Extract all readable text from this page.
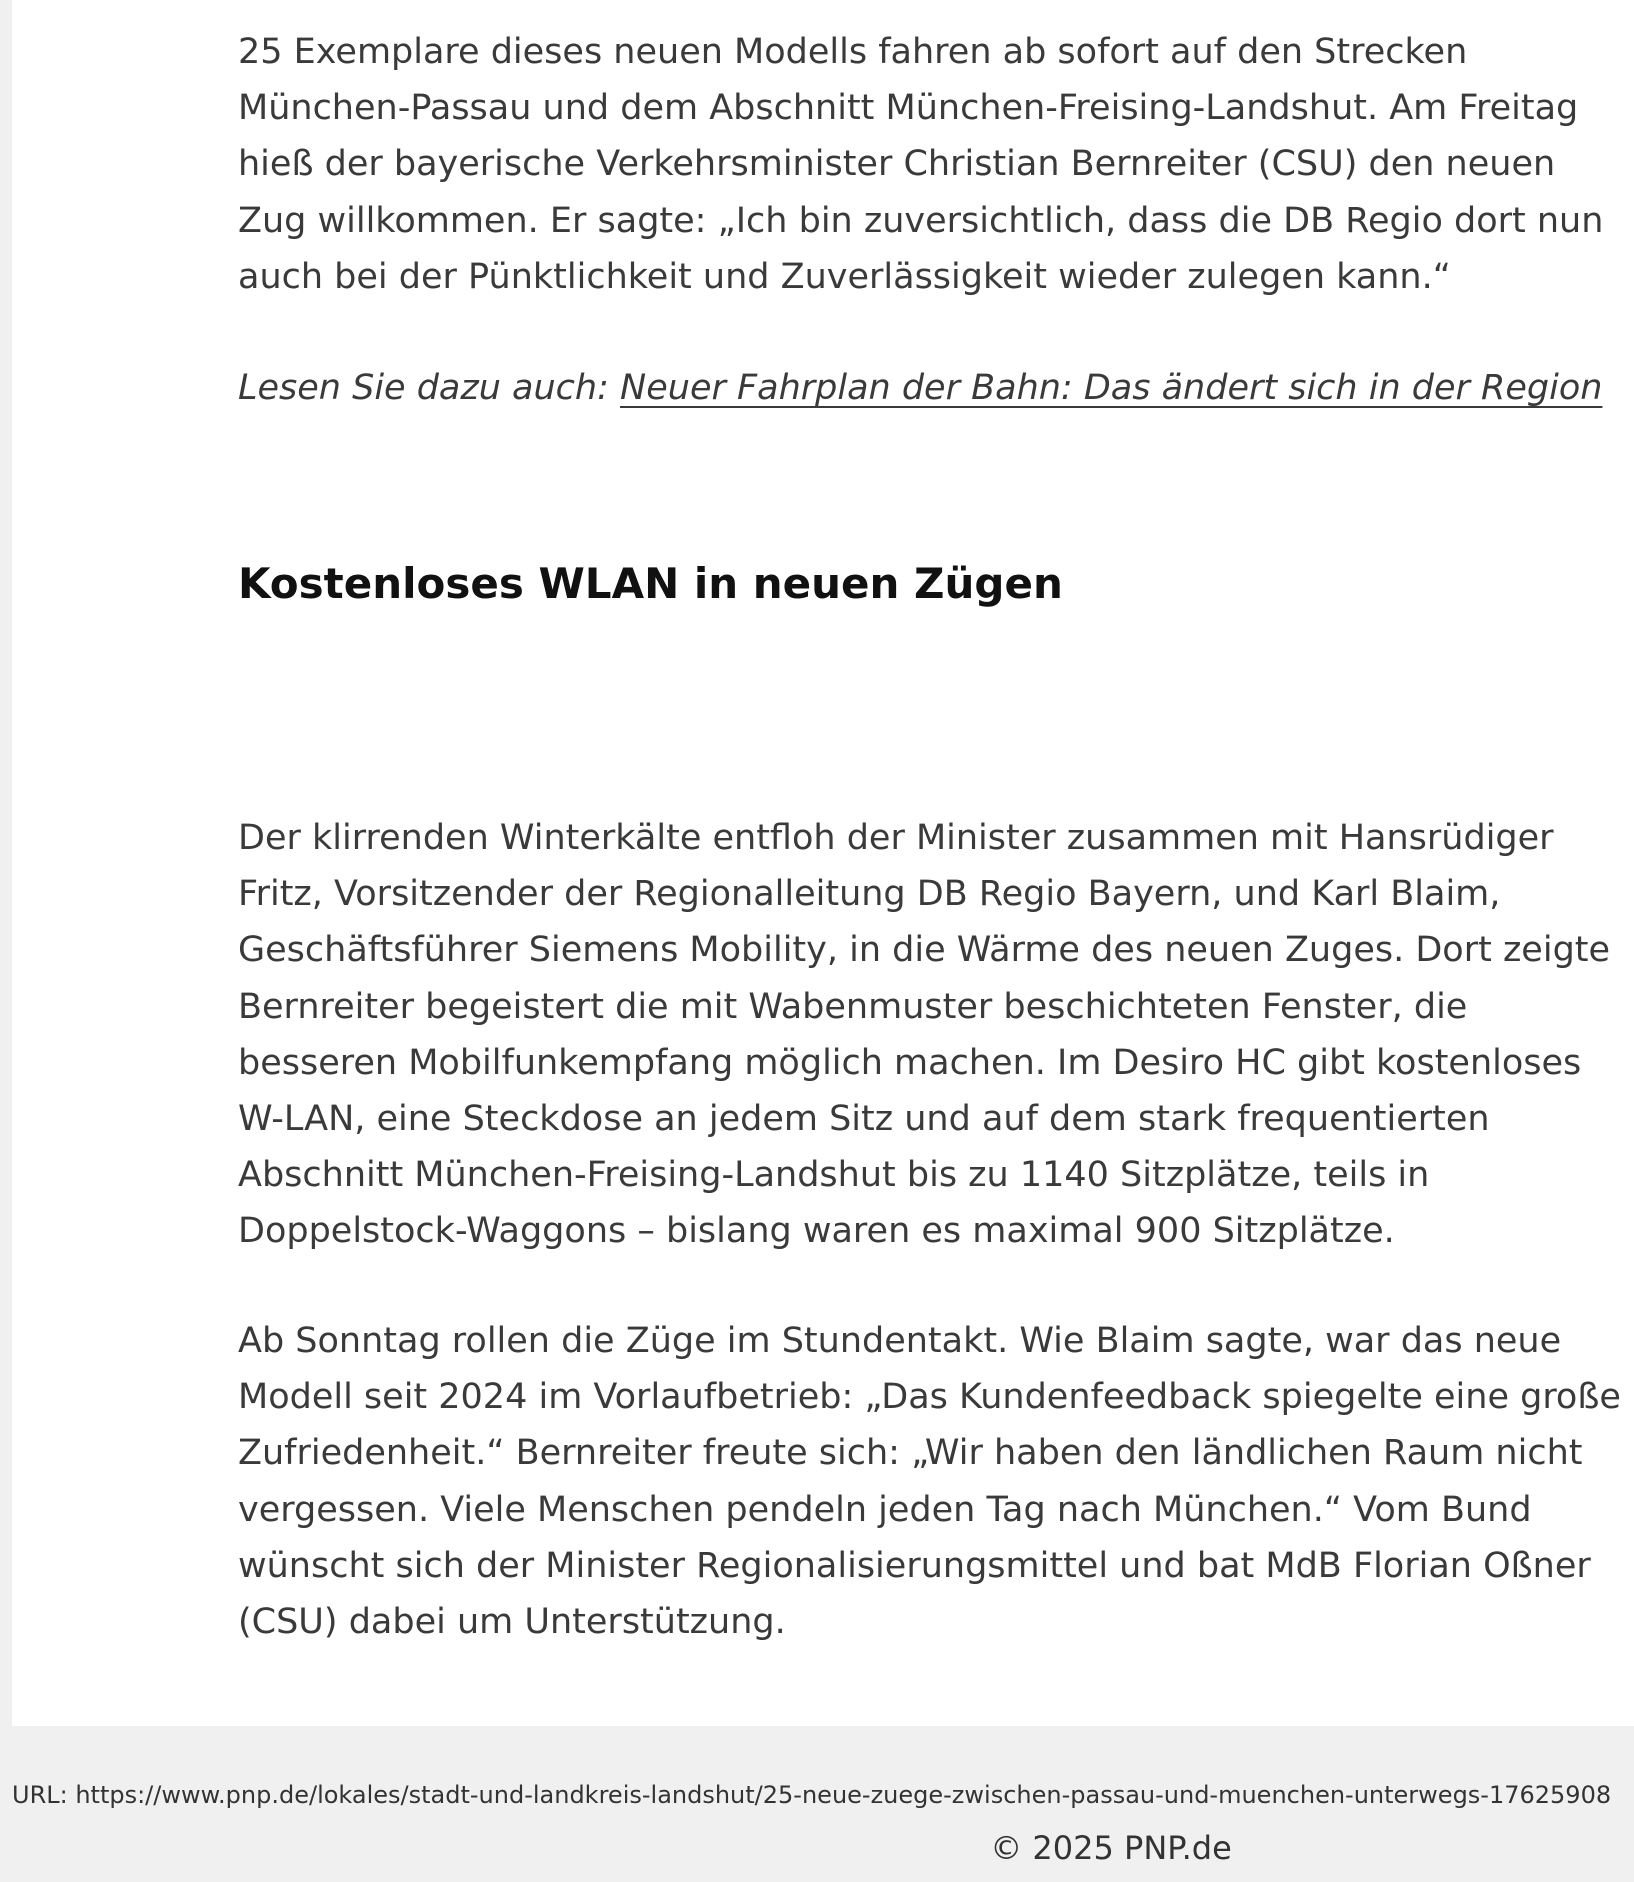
25 Exemplare dieses neuen Modells fahren ab sofort auf den Strecken München-Passau und dem Abschnitt München-Freising-Landshut. Am Freitag hieß der bayerische Verkehrsminister Christian Bernreiter (CSU) den neuen Zug willkommen. Er sagte: „Ich bin zuversichtlich, dass die DB Regio dort nun auch bei der Pünktlichkeit und Zuverlässigkeit wieder zulegen kann.“

Lesen Sie dazu auch: Neuer Fahrplan der Bahn: Das ändert sich in der Region

Kostenloses WLAN in neuen Zügen

Der klirrenden Winterkälte entfloh der Minister zusammen mit Hansrüdiger Fritz, Vorsitzender der Regionalleitung DB Regio Bayern, und Karl Blaim, Geschäftsführer Siemens Mobility, in die Wärme des neuen Zuges. Dort zeigte Bernreiter begeistert die mit Wabenmuster beschichteten Fenster, die besseren Mobilfunkempfang möglich machen. Im Desiro HC gibt kostenloses W-LAN, eine Steckdose an jedem Sitz und auf dem stark frequentierten Abschnitt München-Freising-Landshut bis zu 1140 Sitzplätze, teils in Doppelstock-Waggons – bislang waren es maximal 900 Sitzplätze.

Ab Sonntag rollen die Züge im Stundentakt. Wie Blaim sagte, war das neue Modell seit 2024 im Vorlaufbetrieb: „Das Kundenfeedback spiegelte eine große Zufriedenheit.“ Bernreiter freute sich: „Wir haben den ländlichen Raum nicht vergessen. Viele Menschen pendeln jeden Tag nach München.“ Vom Bund wünscht sich der Minister Regionalisierungsmittel und bat MdB Florian Oßner (CSU) dabei um Unterstützung.

URL: https://www.pnp.de/lokales/stadt-und-landkreis-landshut/25-neue-zuege-zwischen-passau-und-muenchen-unterwegs-17625908

© 2025 PNP.de
